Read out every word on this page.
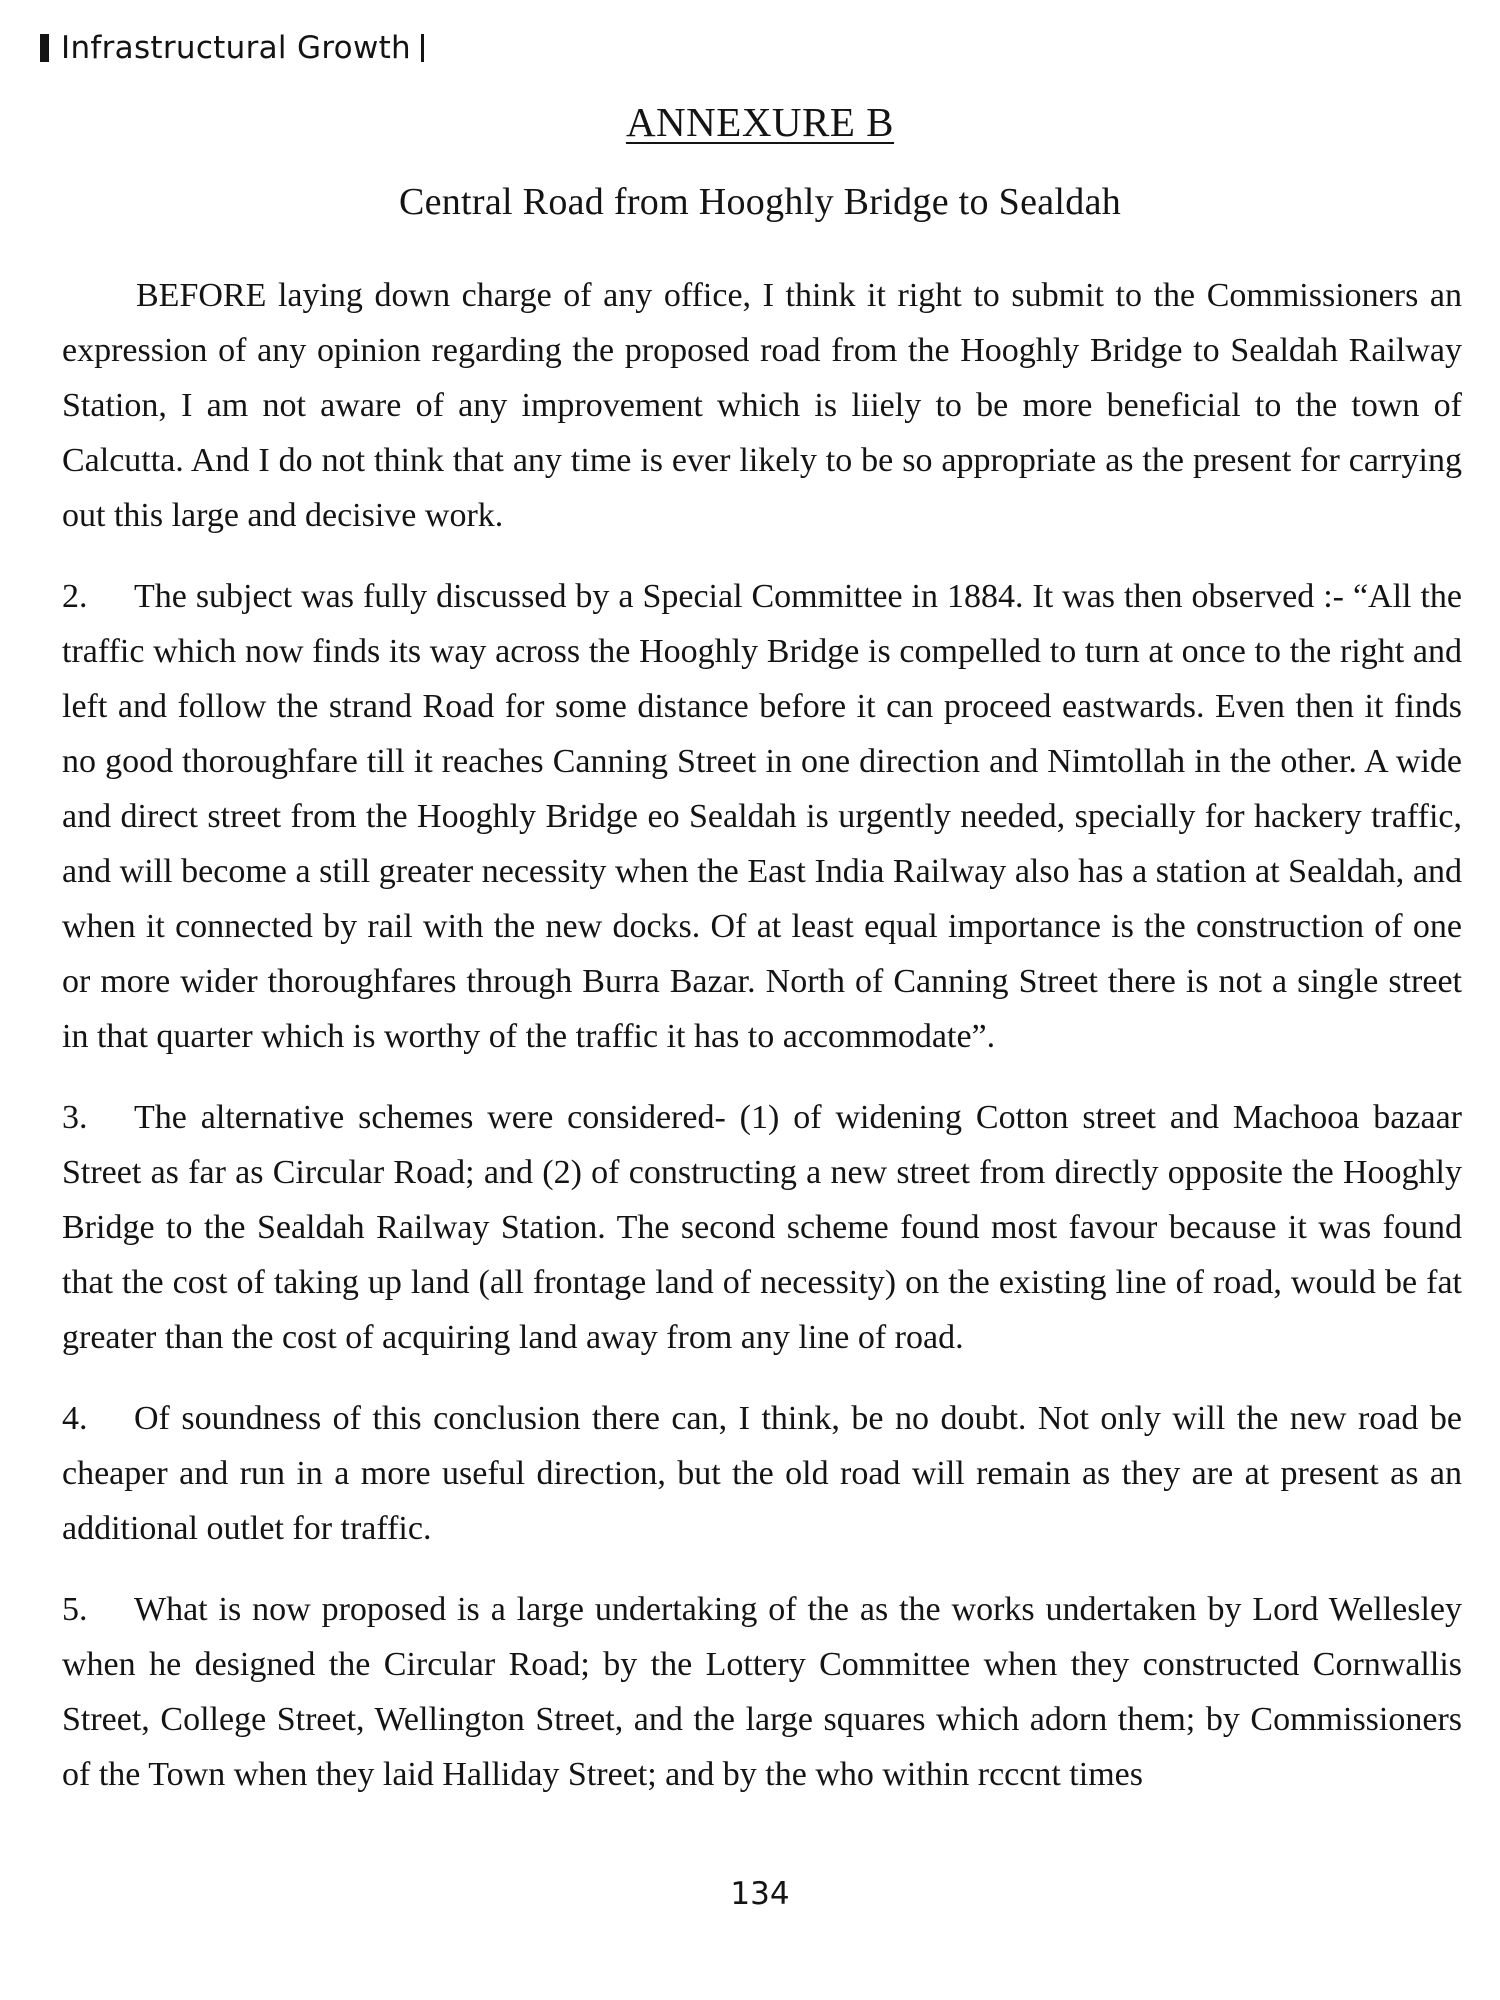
Infrastructural Growth
ANNEXURE B
Central Road from Hooghly Bridge to Sealdah

BEFORE laying down charge of any office, I think it right to submit to the Commissioners an expression of any opinion regarding the proposed road from the Hooghly Bridge to Sealdah Railway Station, I am not aware of any improvement which is liiely to be more beneficial to the town of Calcutta. And I do not think that any time is ever likely to be so appropriate as the present for carrying out this large and decisive work.

2. The subject was fully discussed by a Special Committee in 1884. It was then observed :- “All the traffic which now finds its way across the Hooghly Bridge is compelled to turn at once to the right and left and follow the strand Road for some distance before it can proceed eastwards. Even then it finds no good thoroughfare till it reaches Canning Street in one direction and Nimtollah in the other. A wide and direct street from the Hooghly Bridge eo Sealdah is urgently needed, specially for hackery traffic, and will become a still greater necessity when the East India Railway also has a station at Sealdah, and when it connected by rail with the new docks. Of at least equal importance is the construction of one or more wider thoroughfares through Burra Bazar. North of Canning Street there is not a single street in that quarter which is worthy of the traffic it has to accommodate”.

3. The alternative schemes were considered- (1) of widening Cotton street and Machooa bazaar Street as far as Circular Road; and (2) of constructing a new street from directly opposite the Hooghly Bridge to the Sealdah Railway Station. The second scheme found most favour because it was found that the cost of taking up land (all frontage land of necessity) on the existing line of road, would be fat greater than the cost of acquiring land away from any line of road.

4. Of soundness of this conclusion there can, I think, be no doubt. Not only will the new road be cheaper and run in a more useful direction, but the old road will remain as they are at present as an additional outlet for traffic.

5. What is now proposed is a large undertaking of the as the works undertaken by Lord Wellesley when he designed the Circular Road; by the Lottery Committee when they constructed Cornwallis Street, College Street, Wellington Street, and the large squares which adorn them; by Commissioners of the Town when they laid Halliday Street; and by the who within rcccnt times

134
